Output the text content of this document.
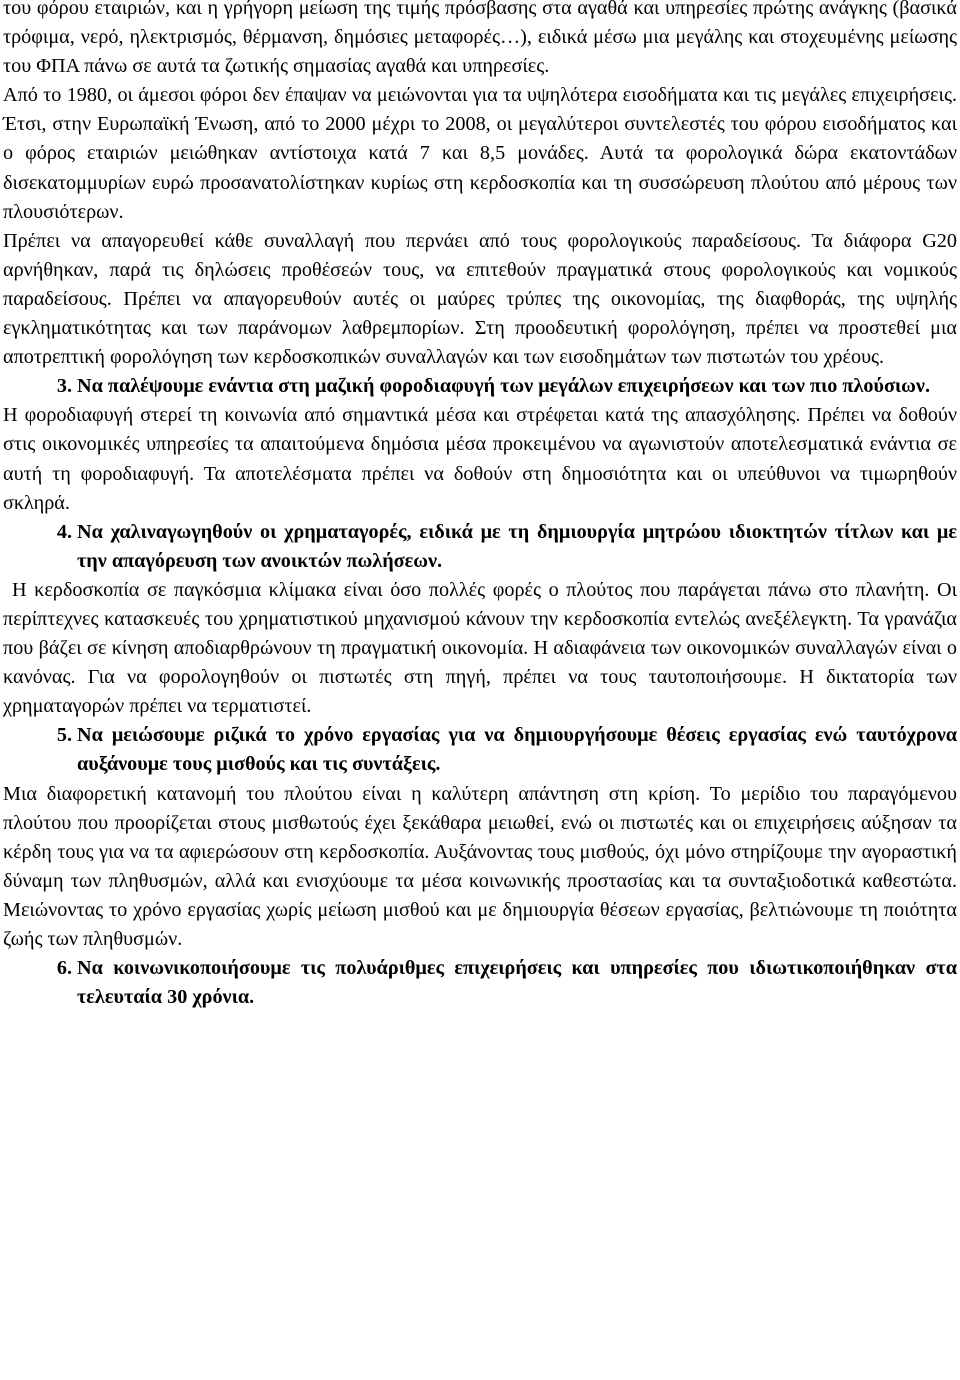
του φόρου εταιριών, και η γρήγορη μείωση της τιμής πρόσβασης στα αγαθά και υπηρεσίες πρώτης ανάγκης (βασικά τρόφιμα, νερό, ηλεκτρισμός, θέρμανση, δημόσιες μεταφορές…), ειδικά μέσω μια μεγάλης και στοχευμένης μείωσης του ΦΠΑ πάνω σε αυτά τα ζωτικής σημασίας αγαθά και υπηρεσίες.

Από το 1980, οι άμεσοι φόροι δεν έπαψαν να μειώνονται για τα υψηλότερα εισοδήματα και τις μεγάλες επιχειρήσεις. Έτσι, στην Ευρωπαϊκή Ένωση, από το 2000 μέχρι το 2008, οι μεγαλύτεροι συντελεστές του φόρου εισοδήματος και ο φόρος εταιριών μειώθηκαν αντίστοιχα κατά 7 και 8,5 μονάδες. Αυτά τα φορολογικά δώρα εκατοντάδων δισεκατομμυρίων ευρώ προσανατολίστηκαν κυρίως στη κερδοσκοπία και τη συσσώρευση πλούτου από μέρους των πλουσιότερων.

Πρέπει να απαγορευθεί κάθε συναλλαγή που περνάει από τους φορολογικούς παραδείσους. Τα διάφορα G20 αρνήθηκαν, παρά τις δηλώσεις προθέσεών τους, να επιτεθούν πραγματικά στους φορολογικούς και νομικούς παραδείσους. Πρέπει να απαγορευθούν αυτές οι μαύρες τρύπες της οικονομίας, της διαφθοράς, της υψηλής εγκληματικότητας και των παράνομων λαθρεμπορίων. Στη προοδευτική φορολόγηση, πρέπει να προστεθεί μια αποτρεπτική φορολόγηση των κερδοσκοπικών συναλλαγών και των εισοδημάτων των πιστωτών του χρέους.

3. Να παλέψουμε ενάντια στη μαζική φοροδιαφυγή των μεγάλων επιχειρήσεων και των πιο πλούσιων.

Η φοροδιαφυγή στερεί τη κοινωνία από σημαντικά μέσα και στρέφεται κατά της απασχόλησης. Πρέπει να δοθούν στις οικονομικές υπηρεσίες τα απαιτούμενα δημόσια μέσα προκειμένου να αγωνιστούν αποτελεσματικά ενάντια σε αυτή τη φοροδιαφυγή. Τα αποτελέσματα πρέπει να δοθούν στη δημοσιότητα και οι υπεύθυνοι να τιμωρηθούν σκληρά.

4. Να χαλιναγωγηθούν οι χρηματαγορές, ειδικά με τη δημιουργία μητρώου ιδιοκτητών τίτλων και με την απαγόρευση των ανοικτών πωλήσεων.

Η κερδοσκοπία σε παγκόσμια κλίμακα είναι όσο πολλές φορές ο πλούτος που παράγεται πάνω στο πλανήτη. Οι περίπτεχνες κατασκευές του χρηματιστικού μηχανισμού κάνουν την κερδοσκοπία εντελώς ανεξέλεγκτη. Τα γρανάζια που βάζει σε κίνηση αποδιαρθρώνουν τη πραγματική οικονομία. Η αδιαφάνεια των οικονομικών συναλλαγών είναι ο κανόνας. Για να φορολογηθούν οι πιστωτές στη πηγή, πρέπει να τους ταυτοποιήσουμε. Η δικτατορία των χρηματαγορών πρέπει να τερματιστεί.

5. Να μειώσουμε ριζικά το χρόνο εργασίας για να δημιουργήσουμε θέσεις εργασίας ενώ ταυτόχρονα αυξάνουμε τους μισθούς και τις συντάξεις.

Μια διαφορετική κατανομή του πλούτου είναι η καλύτερη απάντηση στη κρίση. Το μερίδιο του παραγόμενου πλούτου που προορίζεται στους μισθωτούς έχει ξεκάθαρα μειωθεί, ενώ οι πιστωτές και οι επιχειρήσεις αύξησαν τα κέρδη τους για να τα αφιερώσουν στη κερδοσκοπία. Αυξάνοντας τους μισθούς, όχι μόνο στηρίζουμε την αγοραστική δύναμη των πληθυσμών, αλλά και ενισχύουμε τα μέσα κοινωνικής προστασίας και τα συνταξιοδοτικά καθεστώτα. Μειώνοντας το χρόνο εργασίας χωρίς μείωση μισθού και με δημιουργία θέσεων εργασίας, βελτιώνουμε τη ποιότητα ζωής των πληθυσμών.

6. Να κοινωνικοποιήσουμε τις πολυάριθμες επιχειρήσεις και υπηρεσίες που ιδιωτικοποιήθηκαν στα τελευταία 30 χρόνια.
